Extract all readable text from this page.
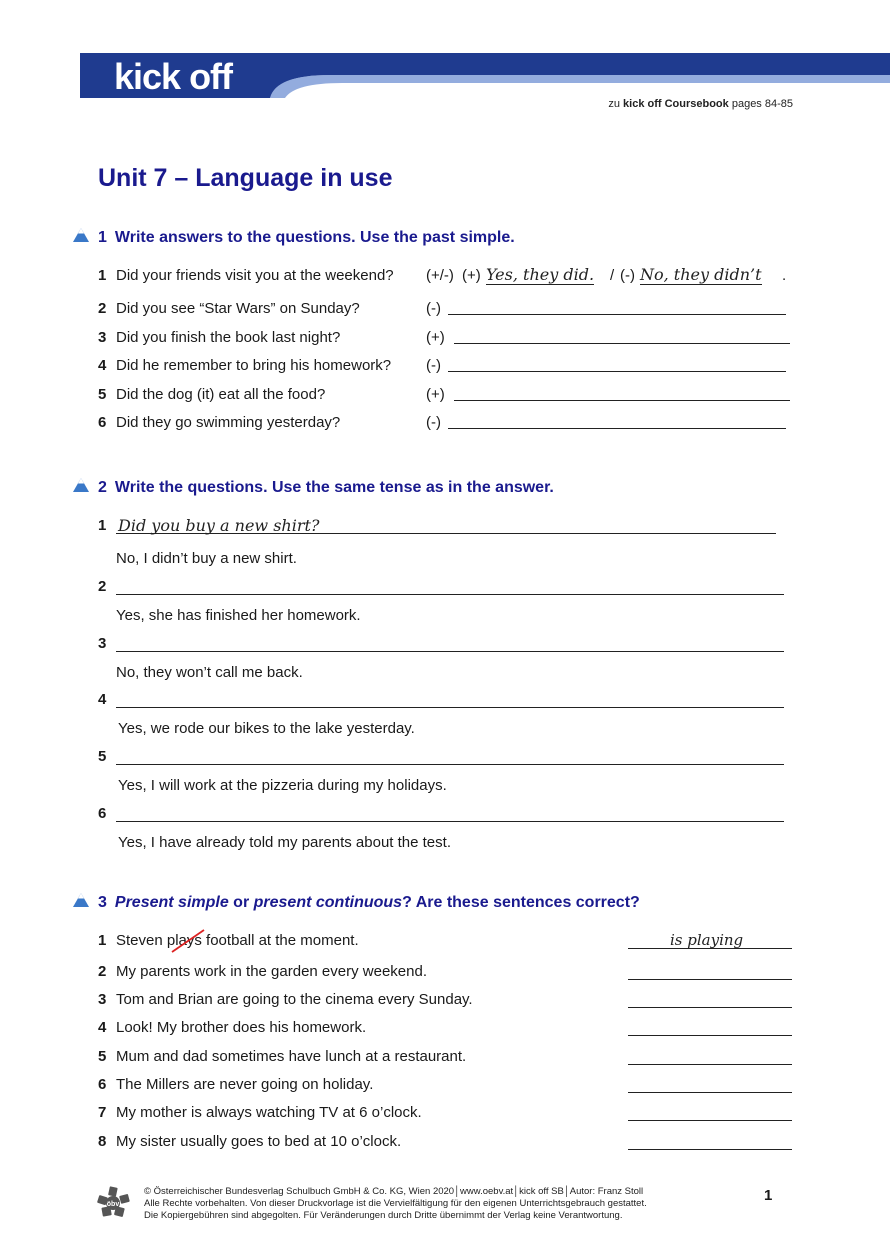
kick off
zu kick off Coursebook pages 84-85
Unit 7 – Language in use
1 Write answers to the questions. Use the past simple.
1 Did your friends visit you at the weekend? (+/-) (+) Yes, they did. / (-) No, they didn’t .
2 Did you see “Star Wars” on Sunday?	(-)
3 Did you finish the book last night?	(+)
4 Did he remember to bring his homework? (-)
5 Did the dog (it) eat all the food?	(+)
6 Did they go swimming yesterday?	(-)
2 Write the questions. Use the same tense as in the answer.
1 Did you buy a new shirt?
No, I didn’t buy a new shirt.
2
Yes, she has finished her homework.
3
No, they won’t call me back.
4
Yes, we rode our bikes to the lake yesterday.
5
Yes, I will work at the pizzeria during my holidays.
6
Yes, I have already told my parents about the test.
3 Present simple or present continuous? Are these sentences correct?
1 Steven plays football at the moment.	is playing
2 My parents work in the garden every weekend.
3 Tom and Brian are going to the cinema every Sunday.
4 Look! My brother does his homework.
5 Mum and dad sometimes have lunch at a restaurant.
6 The Millers are never going on holiday.
7 My mother is always watching TV at 6 o’clock.
8 My sister usually goes to bed at 10 o’clock.
öbv
© Österreichischer Bundesverlag Schulbuch GmbH & Co. KG, Wien 2020│www.oebv.at│kick off SB│Autor: Franz Stoll
Alle Rechte vorbehalten. Von dieser Druckvorlage ist die Vervielfältigung für den eigenen Unterrichtsgebrauch gestattet.
Die Kopiergebühren sind abgegolten. Für Veränderungen durch Dritte übernimmt der Verlag keine Verantwortung.
1
